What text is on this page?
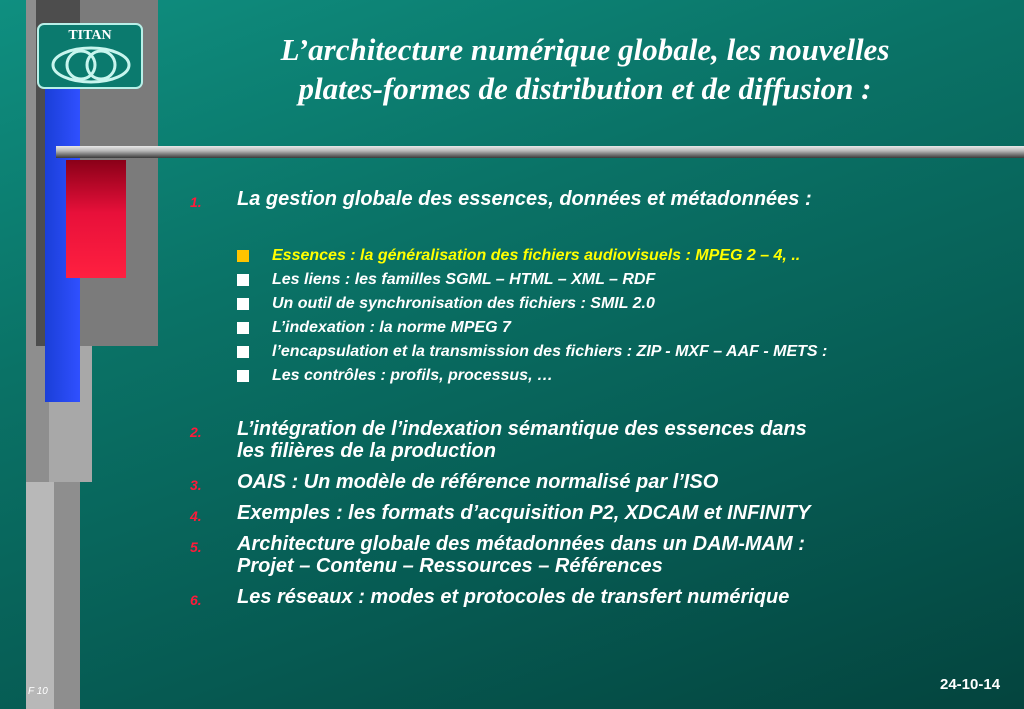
TITAN	L’architecture numérique globale, les nouvelles
plates-formes de distribution et de diffusion :
1. La gestion globale des essences, données et métadonnées :
Essences : la généralisation des fichiers audiovisuels : MPEG 2 – 4, ..
Les liens : les familles SGML – HTML – XML – RDF
Un outil de synchronisation des fichiers : SMIL 2.0
L’indexation : la norme MPEG 7
l’encapsulation et la transmission des fichiers : ZIP - MXF – AAF - METS :
Les contrôles : profils, processus, …
2. L’intégration de l’indexation sémantique des essences dans
les filières de la production
3. OAIS : Un modèle de référence normalisé par l’ISO
4. Exemples : les formats d’acquisition P2, XDCAM et INFINITY
5. Architecture globale des métadonnées dans un DAM-MAM :
Projet – Contenu – Ressources – Références
6. Les réseaux : modes et protocoles de transfert numérique
F 10	24-10-14
